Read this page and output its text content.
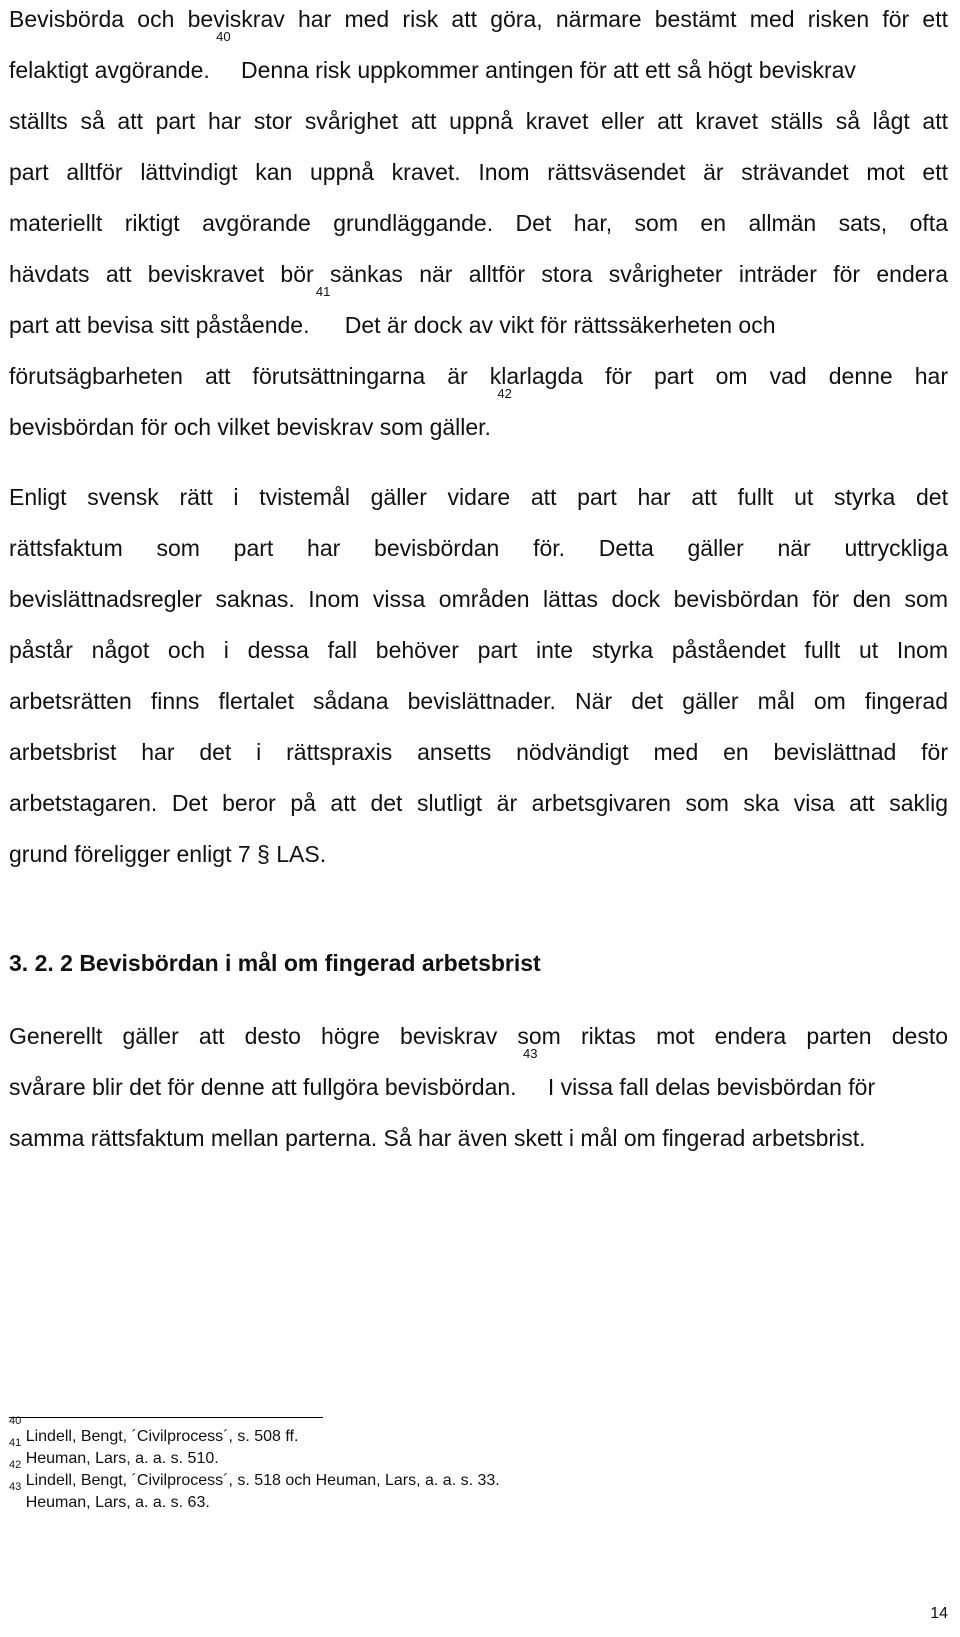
Bevisbörda och beviskrav har med risk att göra, närmare bestämt med risken för ett
felaktigt avgörande. $^{40}$ Denna risk uppkommer antingen för att ett så högt beviskrav
ställts så att part har stor svårighet att uppnå kravet eller att kravet ställs så lågt att
part alltför lättvindigt kan uppnå kravet. Inom rättsväsendet är strävandet mot ett
materiellt riktigt avgörande grundläggande. Det har, som en allmän sats, ofta
hävdats att beviskravet bör sänkas när alltför stora svårigheter inträder för endera
part att bevisa sitt påstående. $^{41}$ Det är dock av vikt för rättssäkerheten och
förutsägbarheten att förutsättningarna är klarlagda för part om vad denne har
bevisbördan för och vilket beviskrav som gäller. $^{42}$
Enligt svensk rätt i tvistemål gäller vidare att part har att fullt ut styrka det
rättsfaktum som part har bevisbördan för. Detta gäller när uttryckliga
bevislättnadsregler saknas. Inom vissa områden lättas dock bevisbördan för den som
påstår något och i dessa fall behöver part inte styrka påståendet fullt ut Inom
arbetsrätten finns flertalet sådana bevislättnader. När det gäller mål om fingerad
arbetsbrist har det i rättspraxis ansetts nödvändigt med en bevislättnad för
arbetstagaren. Det beror på att det slutligt är arbetsgivaren som ska visa att saklig
grund föreligger enligt 7 § LAS.
3. 2. 2 Bevisbördan i mål om fingerad arbetsbrist
Generellt gäller att desto högre beviskrav som riktas mot endera parten desto
svårare blir det för denne att fullgöra bevisbördan. $^{43}$ I vissa fall delas bevisbördan för
samma rättsfaktum mellan parterna. Så har även skett i mål om fingerad arbetsbrist.
$^{40}$ Lindell, Bengt, ´Civilprocess´, s. 508 ff.
$^{41}$ Heuman, Lars, a. a. s. 510.
$^{42}$ Lindell, Bengt, ´Civilprocess´, s. 518 och Heuman, Lars, a. a. s. 33.
$^{43}$ Heuman, Lars, a. a. s. 63.
14
